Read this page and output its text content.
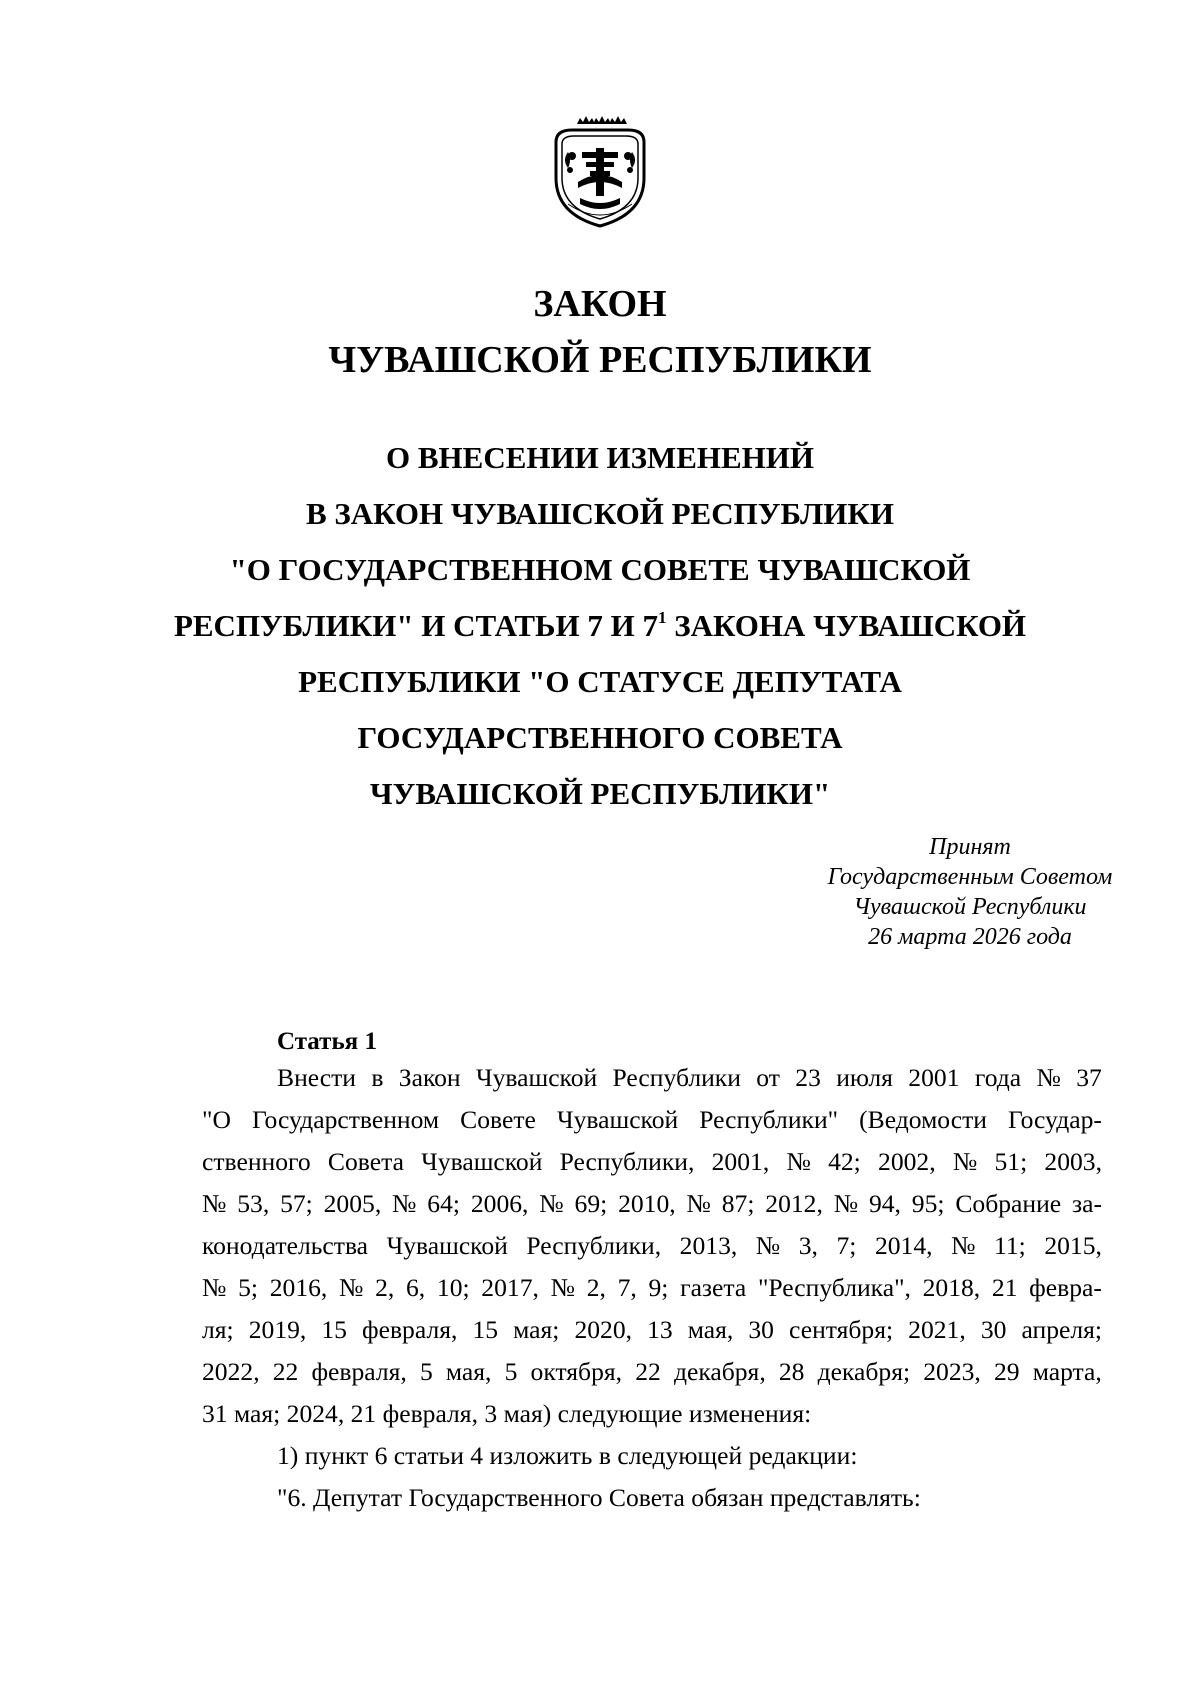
ЗАКОН
ЧУВАШСКОЙ РЕСПУБЛИКИ
О ВНЕСЕНИИ ИЗМЕНЕНИЙ
В ЗАКОН ЧУВАШСКОЙ РЕСПУБЛИКИ
"О ГОСУДАРСТВЕННОМ СОВЕТЕ ЧУВАШСКОЙ
РЕСПУБЛИКИ" И СТАТЬИ 7 И $7^1$ ЗАКОНА ЧУВАШСКОЙ
РЕСПУБЛИКИ "О СТАТУСЕ ДЕПУТАТА
ГОСУДАРСТВЕННОГО СОВЕТА
ЧУВАШСКОЙ РЕСПУБЛИКИ"
Принят
Государственным Советом
Чувашской Республики
26 марта 2026 года
Статья 1
Внести в Закон Чувашской Республики от 23 июля 2001 года № 37
"О Государственном Совете Чувашской Республики" (Ведомости Государ-
ственного Совета Чувашской Республики, 2001, № 42; 2002, № 51; 2003,
№ 53, 57; 2005, № 64; 2006, № 69; 2010, № 87; 2012, № 94, 95; Собрание за-
конодательства Чувашской Республики, 2013, № 3, 7; 2014, № 11; 2015,
№ 5; 2016, № 2, 6, 10; 2017, № 2, 7, 9; газета "Республика", 2018, 21 февра-
ля; 2019, 15 февраля, 15 мая; 2020, 13 мая, 30 сентября; 2021, 30 апреля;
2022, 22 февраля, 5 мая, 5 октября, 22 декабря, 28 декабря; 2023, 29 марта,
31 мая; 2024, 21 февраля, 3 мая) следующие изменения:
1) пункт 6 статьи 4 изложить в следующей редакции:
"6. Депутат Государственного Совета обязан представлять:
